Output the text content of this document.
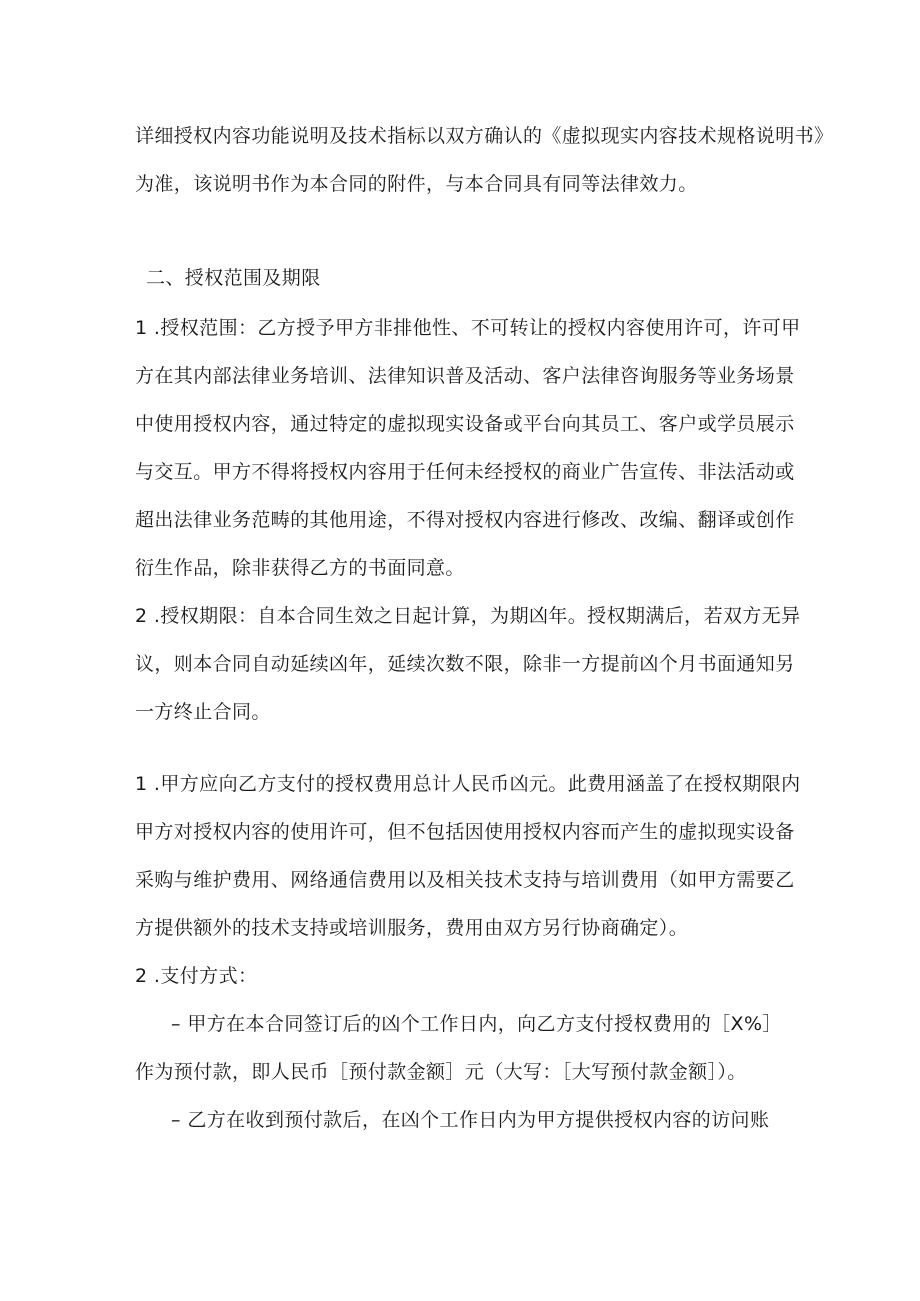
详细授权内容功能说明及技术指标以双方确认的《虚拟现实内容技术规格说明书》
为准，该说明书作为本合同的附件，与本合同具有同等法律效力。
二、授权范围及期限
1 .授权范围：乙方授予甲方非排他性、不可转让的授权内容使用许可，许可甲
方在其内部法律业务培训、法律知识普及活动、客户法律咨询服务等业务场景
中使用授权内容，通过特定的虚拟现实设备或平台向其员工、客户或学员展示
与交互。甲方不得将授权内容用于任何未经授权的商业广告宣传、非法活动或
超出法律业务范畴的其他用途，不得对授权内容进行修改、改编、翻译或创作
衍生作品，除非获得乙方的书面同意。
2 .授权期限：自本合同生效之日起计算，为期凶年。授权期满后，若双方无异
议，则本合同自动延续凶年，延续次数不限，除非一方提前凶个月书面通知另
一方终止合同。
1 .甲方应向乙方支付的授权费用总计人民币凶元。此费用涵盖了在授权期限内
甲方对授权内容的使用许可，但不包括因使用授权内容而产生的虚拟现实设备
采购与维护费用、网络通信费用以及相关技术支持与培训费用（如甲方需要乙
方提供额外的技术支持或培训服务，费用由双方另行协商确定）。
2 .支付方式：
– 甲方在本合同签订后的凶个工作日内，向乙方支付授权费用的［X%］
作为预付款，即人民币［预付款金额］元（大写：［大写预付款金额］）。
– 乙方在收到预付款后，在凶个工作日内为甲方提供授权内容的访问账
